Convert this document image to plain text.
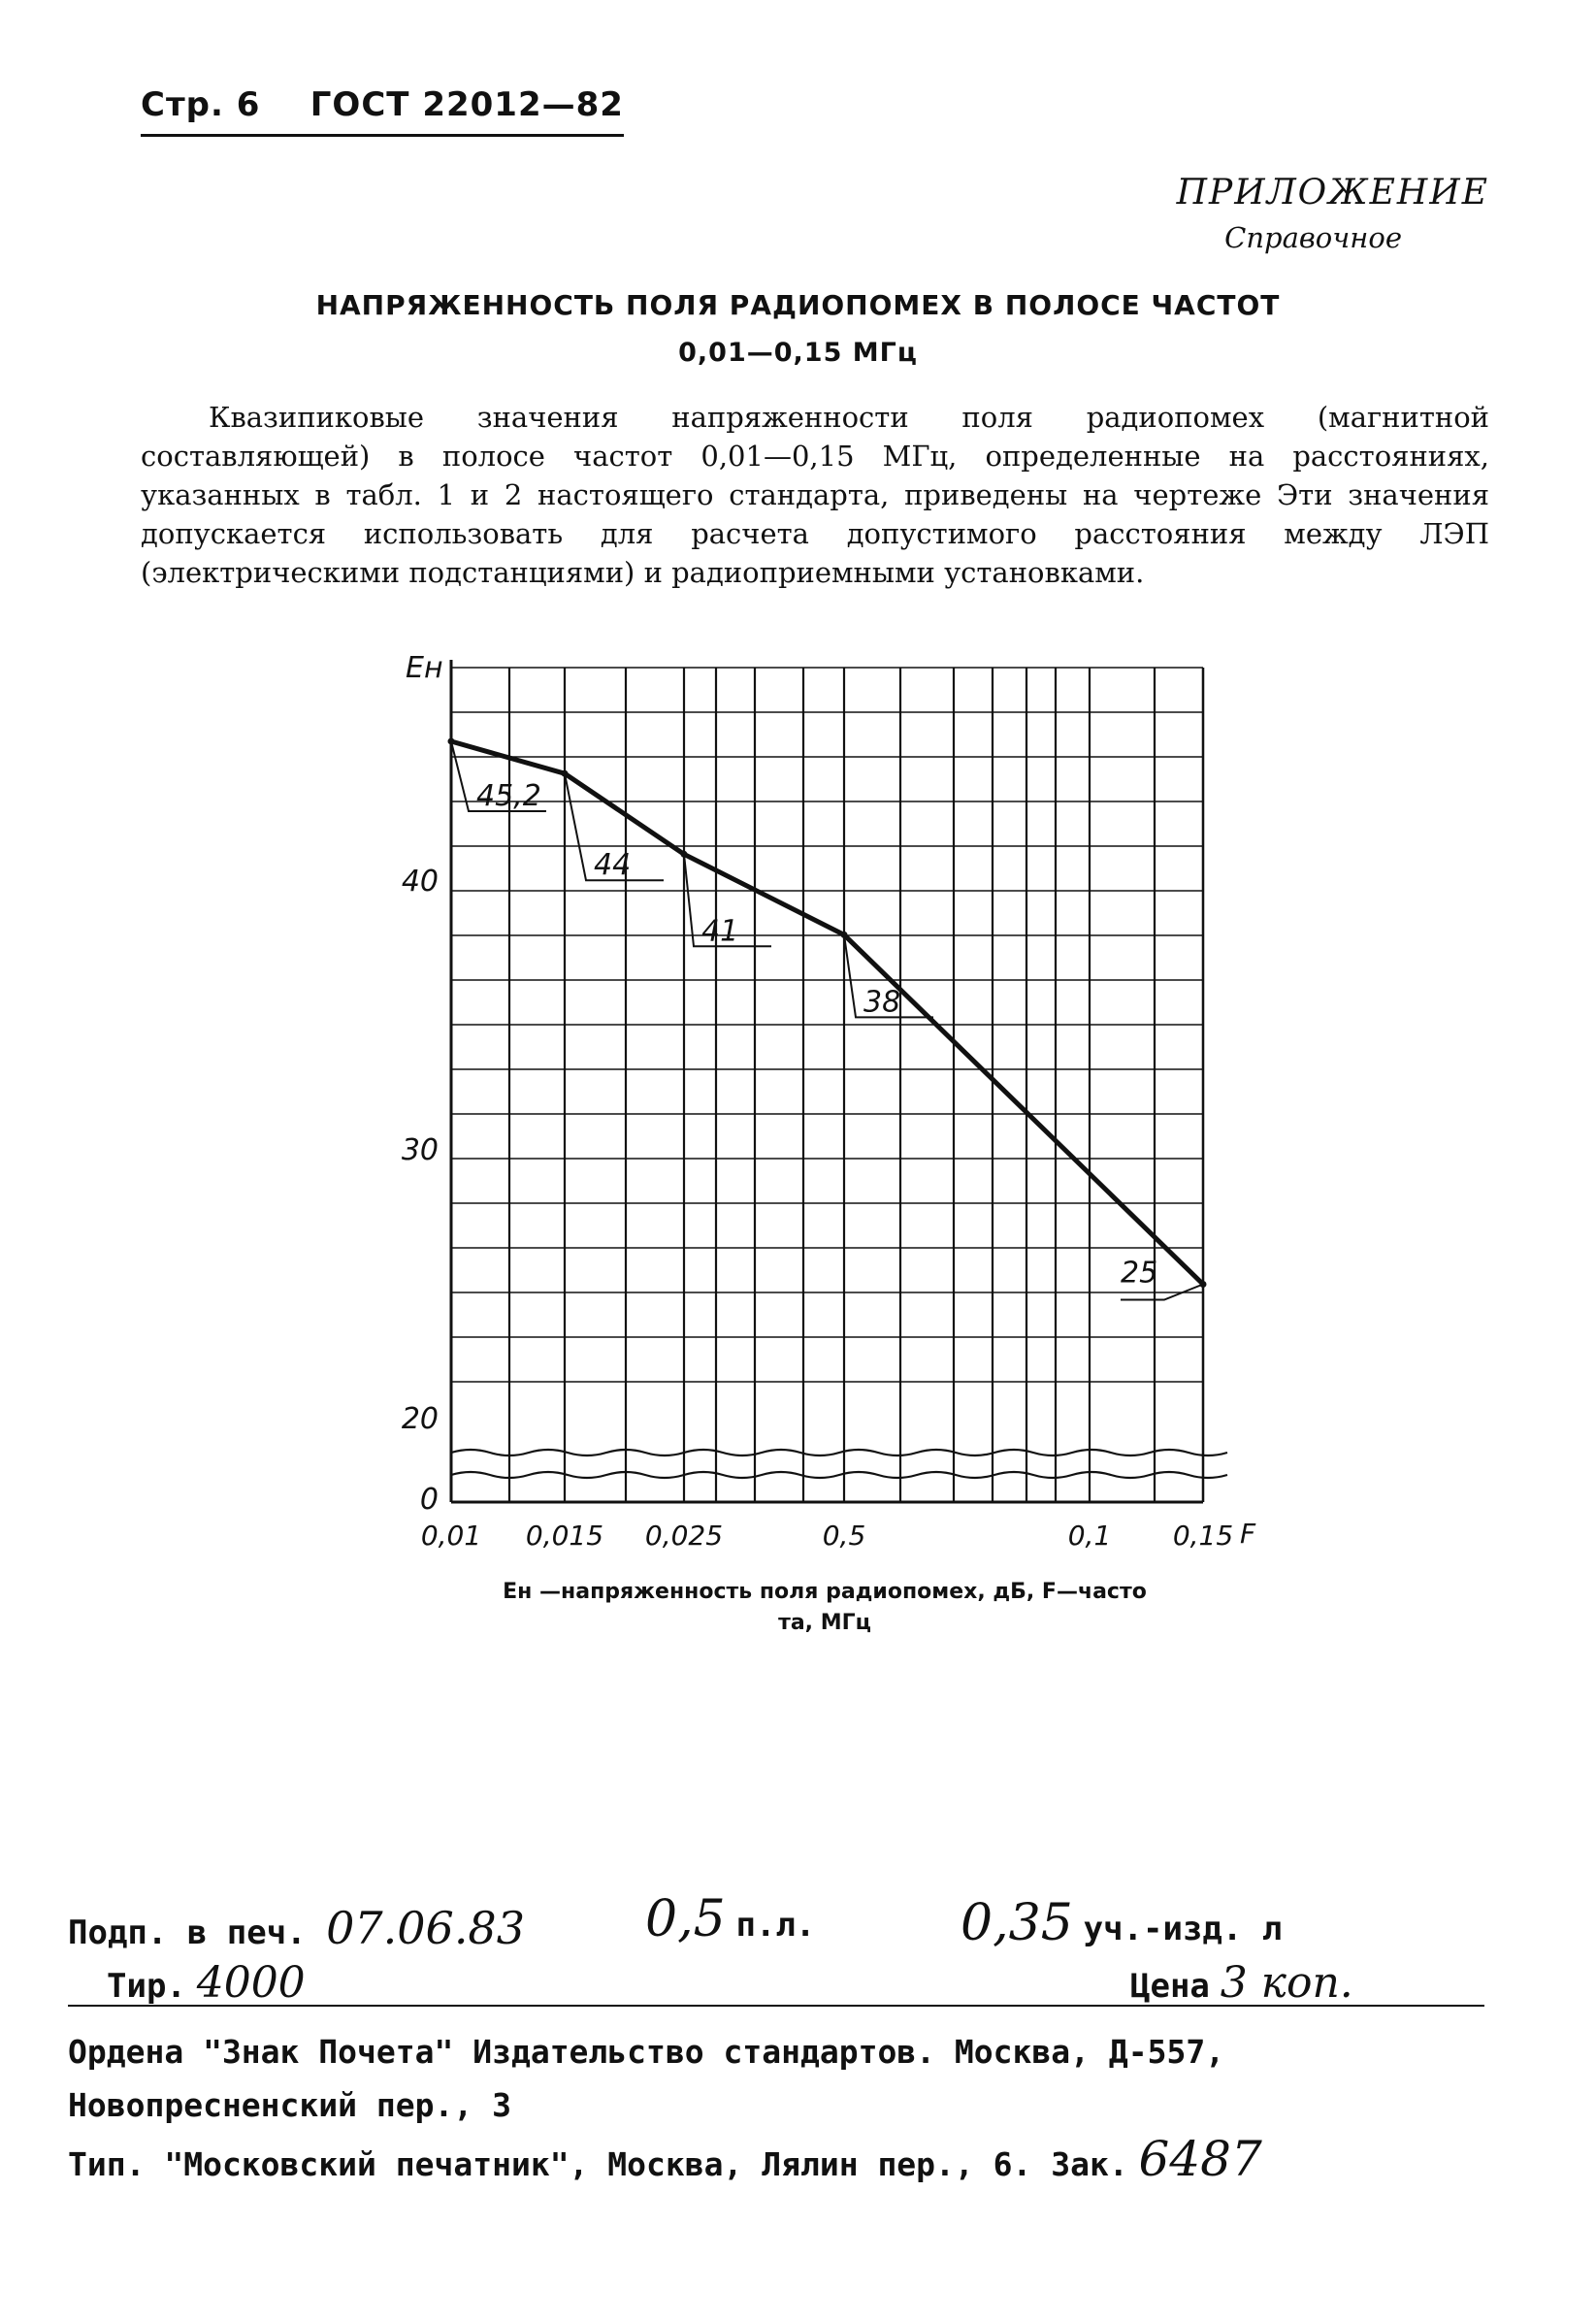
Стр. 6 ГОСТ 22012—82
ПРИЛОЖЕНИЕ
Справочное
НАПРЯЖЕННОСТЬ ПОЛЯ РАДИОПОМЕХ В ПОЛОСЕ ЧАСТОТ
0,01—0,15 МГц
Квазипиковые значения напряженности поля радиопомех (магнитной составляющей) в полосе частот 0,01—0,15 МГц, определенные на расстояниях, указанных в табл. 1 и 2 настоящего стандарта, приведены на чертеже Эти значения допускается использовать для расчета допустимого расстояния между ЛЭП (электрическими подстанциями) и радиоприемными установками.
45,2
44
41
38
25
0
20
30
40
Eн
0,01 0,015 0,025	0,5	0,1 0,15 F
Eн —напряженность поля радиопомех, дБ, F—часто
та, МГц
Подп. в печ. 07.06.83 0,5 п.л.	0,35 уч.-изд. л
Тир. 4000	Цена 3 коп.
Ордена "Знак Почета" Издательство стандартов. Москва, Д-557,
Новопресненский пер., 3
Тип. "Московский печатник", Москва, Лялин пер., 6. Зак. 6487
